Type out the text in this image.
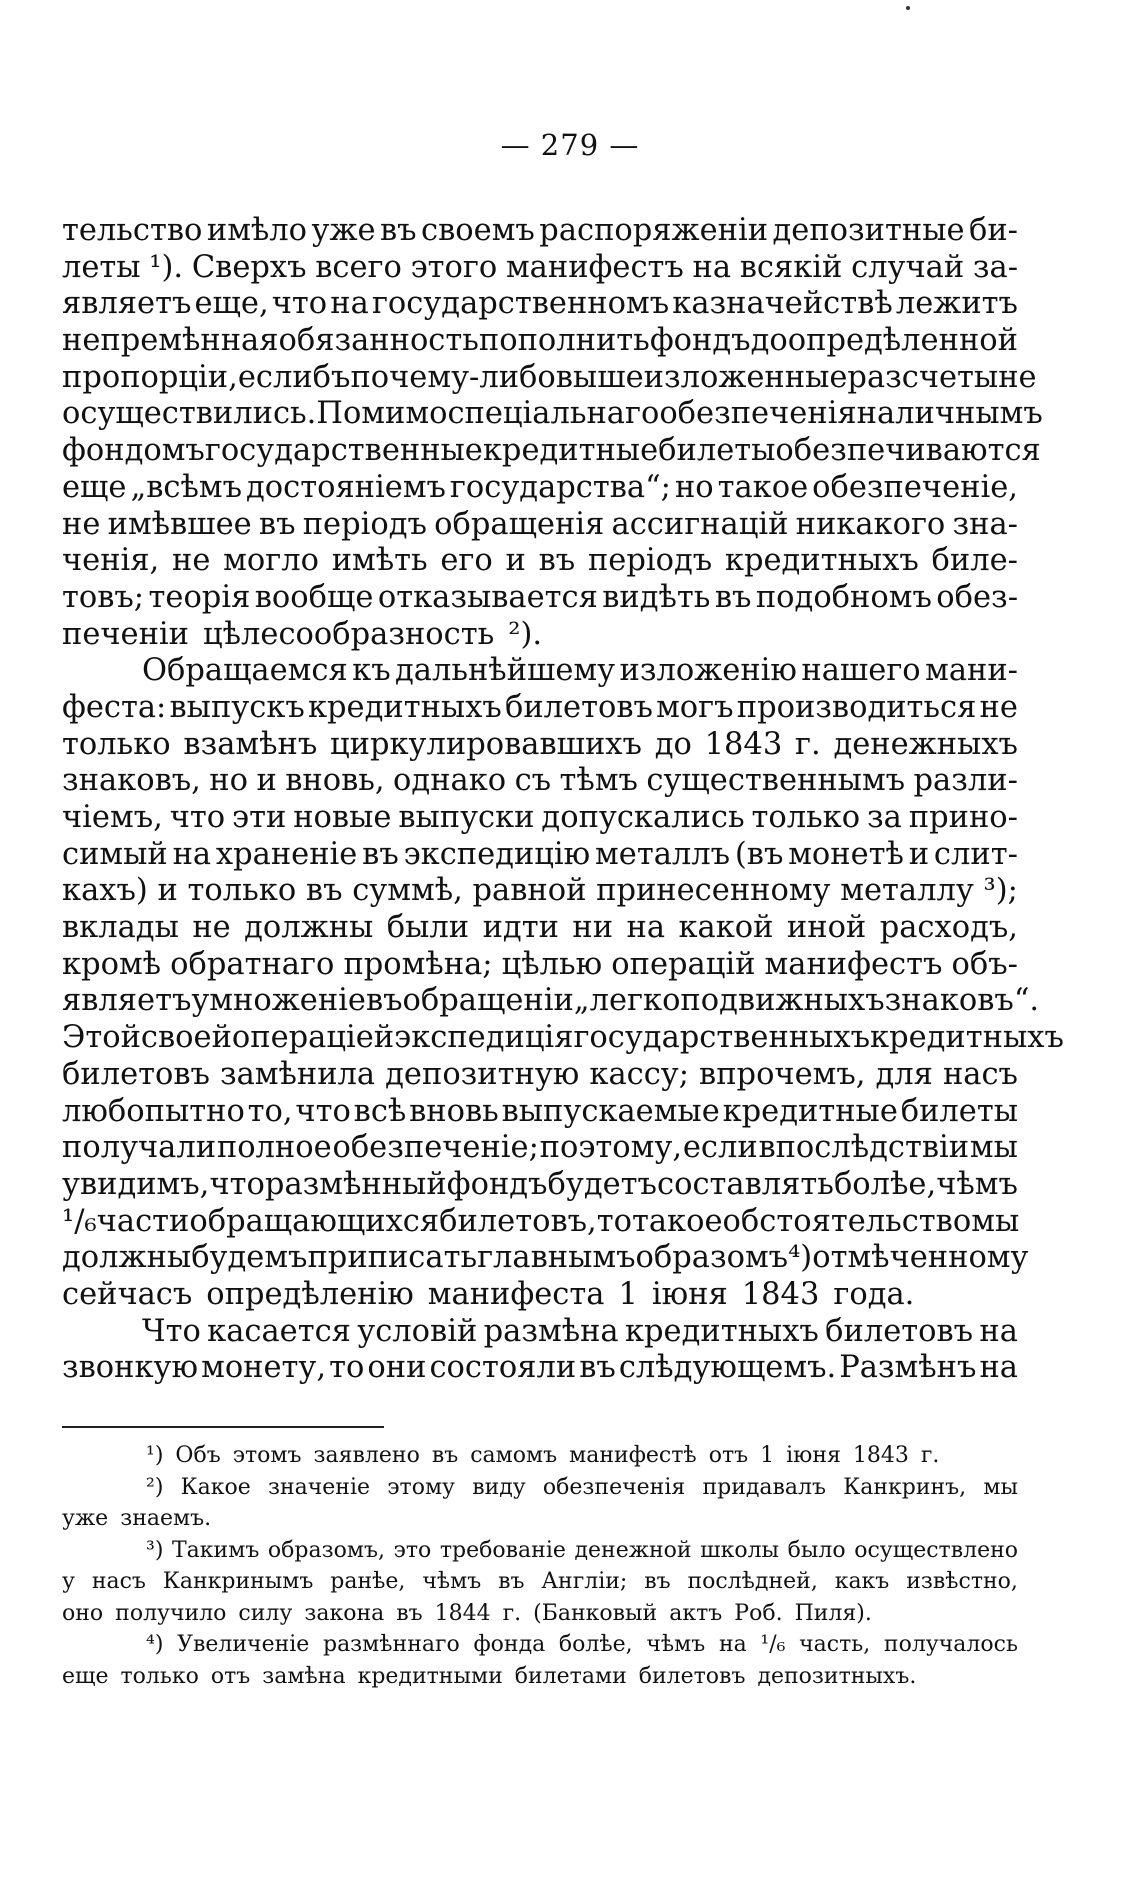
— 279 —
тельство имѣло уже въ своемъ распоряженіи депозитные би-
леты ¹). Сверхъ всего этого манифестъ на всякій случай за-
являетъ еще, что на государственномъ казначействѣ лежитъ
непремѣнная обязанность пополнить фондъ до опредѣленной
пропорціи, если бъ почему-либо вышеизложенные разсчеты не
осуществились. Помимо спеціальнаго обезпеченія наличнымъ
фондомъ государственные кредитные билеты обезпечиваются
еще „всѣмъ достояніемъ государства“; но такое обезпеченіе,
не имѣвшее въ періодъ обращенія ассигнацій никакого зна-
ченія, не могло имѣть его и въ періодъ кредитныхъ биле-
товъ; теорія вообще отказывается видѣть въ подобномъ обез-
печеніи цѣлесообразность ²).
Обращаемся къ дальнѣйшему изложенію нашего мани-
феста: выпускъ кредитныхъ билетовъ могъ производиться не
только взамѣнъ циркулировавшихъ до 1843 г. денежныхъ
знаковъ, но и вновь, однако съ тѣмъ существеннымъ разли-
чіемъ, что эти новые выпуски допускались только за прино-
симый на храненіе въ экспедицію металлъ (въ монетѣ и слит-
кахъ) и только въ суммѣ, равной принесенному металлу ³);
вклады не должны были идти ни на какой иной расходъ,
кромѣ обратнаго промѣна; цѣлью операцій манифестъ объ-
являетъ умноженіе въ обращеніи „легкоподвижныхъ знаковъ“.
Этой своей операціей экспедиція государственныхъ кредитныхъ
билетовъ замѣнила депозитную кассу; впрочемъ, для насъ
любопытно то, что всѣ вновь выпускаемые кредитные билеты
получали полное обезпеченіе; поэтому, если впослѣдствіи мы
увидимъ, что размѣнный фондъ будетъ составлять болѣе, чѣмъ
¹/₆ части обращающихся билетовъ, то такое обстоятельство мы
должны будемъ приписать главнымъ образомъ ⁴) отмѣченному
сейчасъ опредѣленію манифеста 1 іюня 1843 года.
Что касается условій размѣна кредитныхъ билетовъ на
звонкую монету, то они состояли въ слѣдующемъ. Размѣнъ на
¹) Объ этомъ заявлено въ самомъ манифестѣ отъ 1 іюня 1843 г.
²) Какое значеніе этому виду обезпеченія придавалъ Канкринъ, мы
уже знаемъ.
³) Такимъ образомъ, это требованіе денежной школы было осуществлено
у насъ Канкринымъ ранѣе, чѣмъ въ Англіи; въ послѣдней, какъ извѣстно,
оно получило силу закона въ 1844 г. (Банковый актъ Роб. Пиля).
⁴) Увеличеніе размѣннаго фонда болѣе, чѣмъ на ¹/₆ часть, получалось
еще только отъ замѣна кредитными билетами билетовъ депозитныхъ.
